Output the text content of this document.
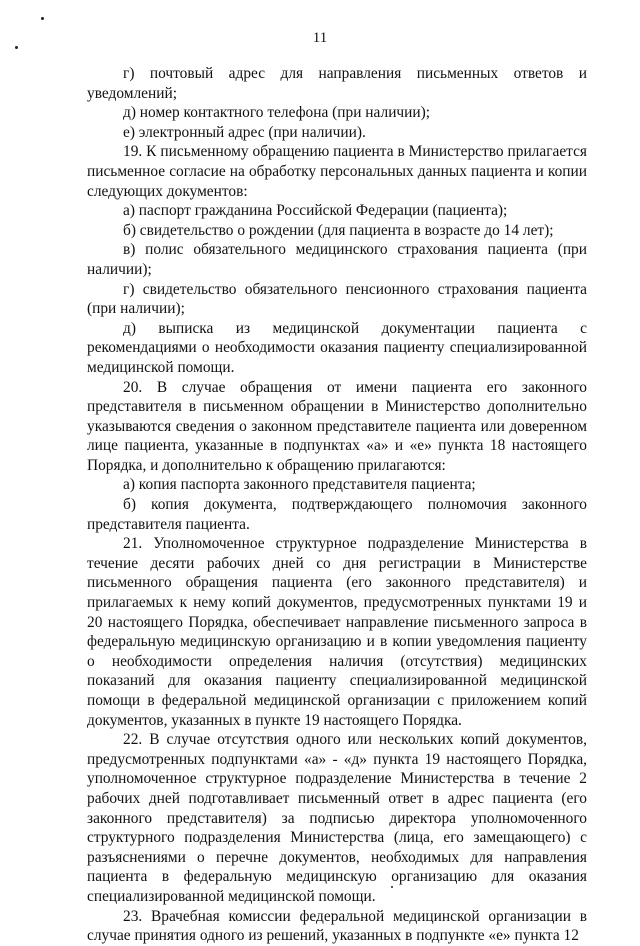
11

г) почтовый адрес для направления письменных ответов и уведомлений;

д) номер контактного телефона (при наличии);

е) электронный адрес (при наличии).

19. К письменному обращению пациента в Министерство прилагается письменное согласие на обработку персональных данных пациента и копии следующих документов:

а) паспорт гражданина Российской Федерации (пациента);

б) свидетельство о рождении (для пациента в возрасте до 14 лет);

в) полис обязательного медицинского страхования пациента (при наличии);

г) свидетельство обязательного пенсионного страхования пациента (при наличии);

д) выписка из медицинской документации пациента с рекомендациями о необходимости оказания пациенту специализированной медицинской помощи.

20. В случае обращения от имени пациента его законного представителя в письменном обращении в Министерство дополнительно указываются сведения о законном представителе пациента или доверенном лице пациента, указанные в подпунктах «а» и «е» пункта 18 настоящего Порядка, и дополнительно к обращению прилагаются:

а) копия паспорта законного представителя пациента;

б) копия документа, подтверждающего полномочия законного представителя пациента.

21. Уполномоченное структурное подразделение Министерства в течение десяти рабочих дней со дня регистрации в Министерстве письменного обращения пациента (его законного представителя) и прилагаемых к нему копий документов, предусмотренных пунктами 19 и 20 настоящего Порядка, обеспечивает направление письменного запроса в федеральную медицинскую организацию и в копии уведомления пациенту о необходимости определения наличия (отсутствия) медицинских показаний для оказания пациенту специализированной медицинской помощи в федеральной медицинской организации с приложением копий документов, указанных в пункте 19 настоящего Порядка.

22. В случае отсутствия одного или нескольких копий документов, предусмотренных подпунктами «а» - «д» пункта 19 настоящего Порядка, уполномоченное структурное подразделение Министерства в течение 2 рабочих дней подготавливает письменный ответ в адрес пациента (его законного представителя) за подписью директора уполномоченного структурного подразделения Министерства (лица, его замещающего) с разъяснениями о перечне документов, необходимых для направления пациента в федеральную медицинскую организацию для оказания специализированной медицинской помощи.

23. Врачебная комиссии федеральной медицинской организации в случае принятия одного из решений, указанных в подпункте «е» пункта 12
